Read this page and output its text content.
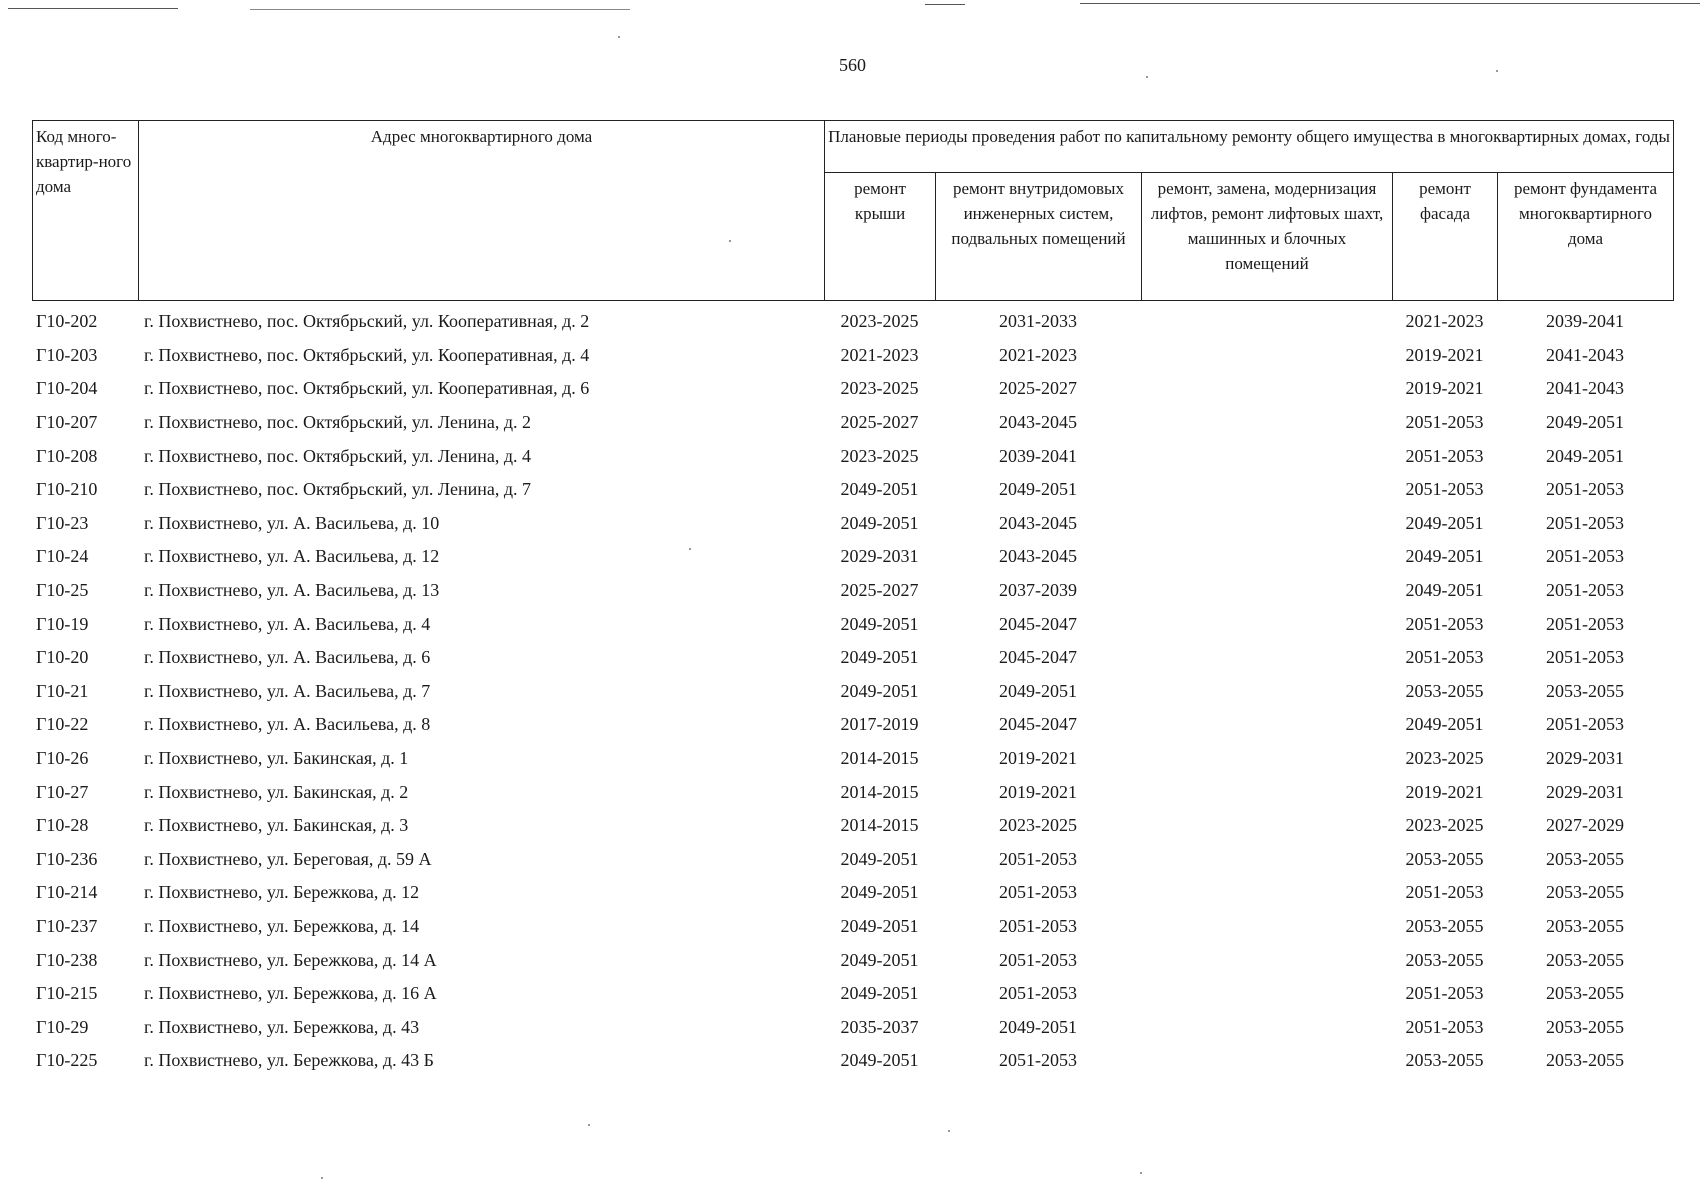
560
Код много-квартир-ного дома	Адрес многоквартирного дома	Плановые периоды проведения работ по капитальному ремонту общего имущества в многоквартирных домах, годы				
		ремонт крыши	ремонт внутридомовых инженерных систем, подвальных помещений	ремонт, замена, модернизация лифтов, ремонт лифтовых шахт, машинных и блочных помещений	ремонт фасада	ремонт фундамента многоквартирного дома
Г10-202	г. Похвистнево, пос. Октябрьский, ул. Кооперативная, д. 2	2023-2025	2031-2033		2021-2023	2039-2041
Г10-203	г. Похвистнево, пос. Октябрьский, ул. Кооперативная, д. 4	2021-2023	2021-2023		2019-2021	2041-2043
Г10-204	г. Похвистнево, пос. Октябрьский, ул. Кооперативная, д. 6	2023-2025	2025-2027		2019-2021	2041-2043
Г10-207	г. Похвистнево, пос. Октябрьский, ул. Ленина, д. 2	2025-2027	2043-2045		2051-2053	2049-2051
Г10-208	г. Похвистнево, пос. Октябрьский, ул. Ленина, д. 4	2023-2025	2039-2041		2051-2053	2049-2051
Г10-210	г. Похвистнево, пос. Октябрьский, ул. Ленина, д. 7	2049-2051	2049-2051		2051-2053	2051-2053
Г10-23	г. Похвистнево, ул. А. Васильева, д. 10	2049-2051	2043-2045		2049-2051	2051-2053
Г10-24	г. Похвистнево, ул. А. Васильева, д. 12	2029-2031	2043-2045		2049-2051	2051-2053
Г10-25	г. Похвистнево, ул. А. Васильева, д. 13	2025-2027	2037-2039		2049-2051	2051-2053
Г10-19	г. Похвистнево, ул. А. Васильева, д. 4	2049-2051	2045-2047		2051-2053	2051-2053
Г10-20	г. Похвистнево, ул. А. Васильева, д. 6	2049-2051	2045-2047		2051-2053	2051-2053
Г10-21	г. Похвистнево, ул. А. Васильева, д. 7	2049-2051	2049-2051		2053-2055	2053-2055
Г10-22	г. Похвистнево, ул. А. Васильева, д. 8	2017-2019	2045-2047		2049-2051	2051-2053
Г10-26	г. Похвистнево, ул. Бакинская, д. 1	2014-2015	2019-2021		2023-2025	2029-2031
Г10-27	г. Похвистнево, ул. Бакинская, д. 2	2014-2015	2019-2021		2019-2021	2029-2031
Г10-28	г. Похвистнево, ул. Бакинская, д. 3	2014-2015	2023-2025		2023-2025	2027-2029
Г10-236	г. Похвистнево, ул. Береговая, д. 59 А	2049-2051	2051-2053		2053-2055	2053-2055
Г10-214	г. Похвистнево, ул. Бережкова, д. 12	2049-2051	2051-2053		2051-2053	2053-2055
Г10-237	г. Похвистнево, ул. Бережкова, д. 14	2049-2051	2051-2053		2053-2055	2053-2055
Г10-238	г. Похвистнево, ул. Бережкова, д. 14 А	2049-2051	2051-2053		2053-2055	2053-2055
Г10-215	г. Похвистнево, ул. Бережкова, д. 16 А	2049-2051	2051-2053		2051-2053	2053-2055
Г10-29	г. Похвистнево, ул. Бережкова, д. 43	2035-2037	2049-2051		2051-2053	2053-2055
Г10-225	г. Похвистнево, ул. Бережкова, д. 43 Б	2049-2051	2051-2053		2053-2055	2053-2055
